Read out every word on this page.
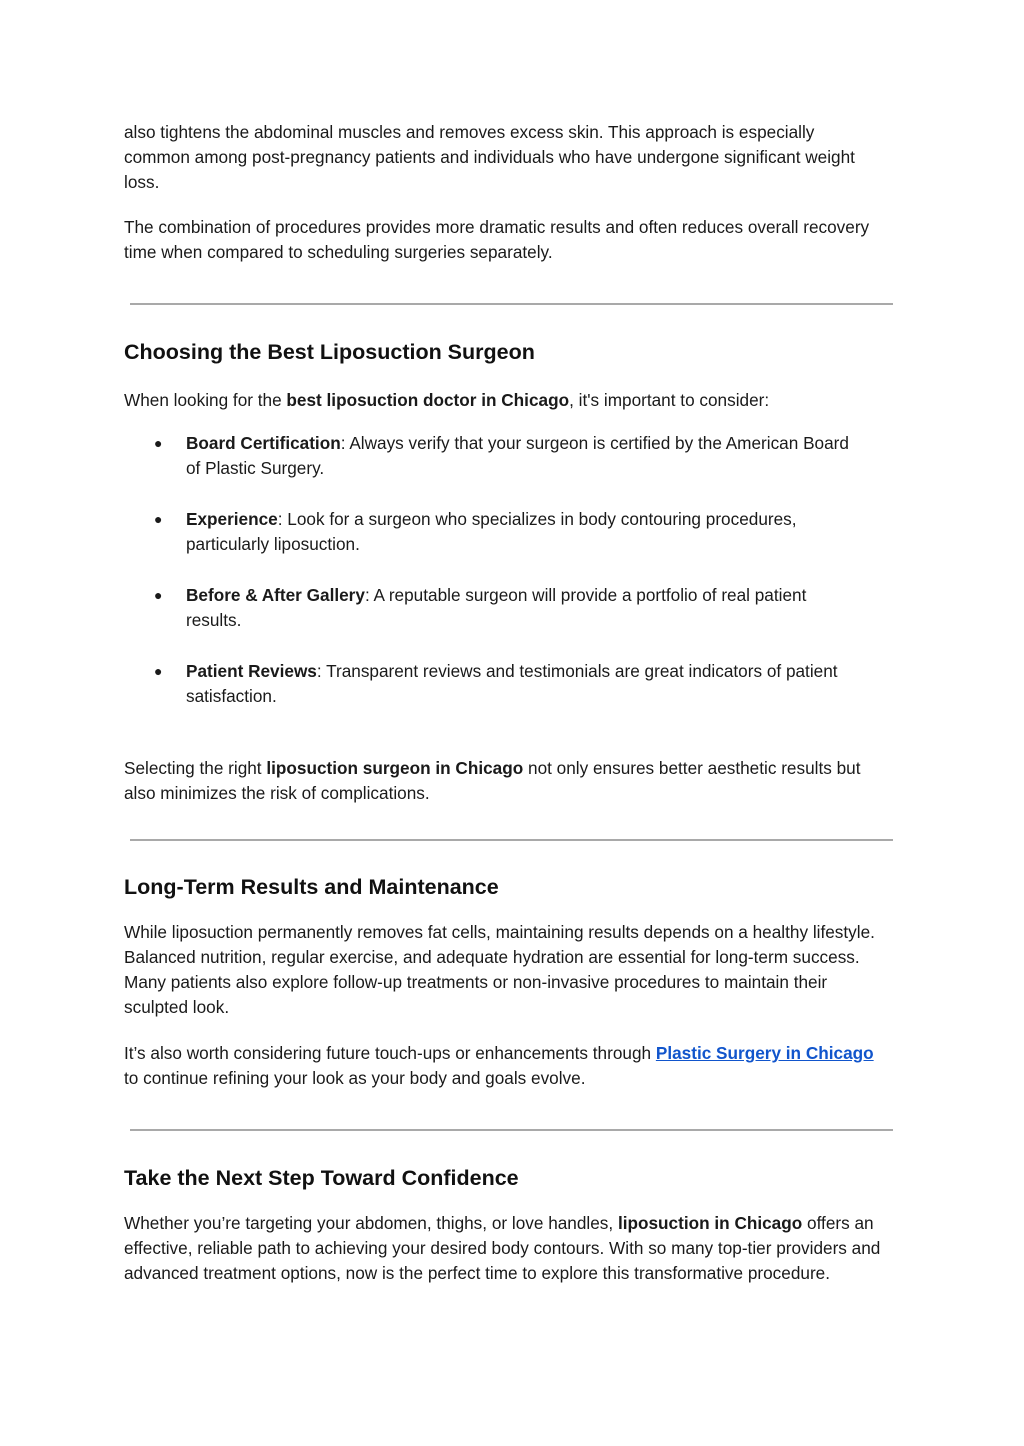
also tightens the abdominal muscles and removes excess skin. This approach is especially common among post-pregnancy patients and individuals who have undergone significant weight loss.

The combination of procedures provides more dramatic results and often reduces overall recovery time when compared to scheduling surgeries separately.

Choosing the Best Liposuction Surgeon

When looking for the best liposuction doctor in Chicago, it's important to consider:

● Board Certification: Always verify that your surgeon is certified by the American Board of Plastic Surgery.
● Experience: Look for a surgeon who specializes in body contouring procedures, particularly liposuction.
● Before & After Gallery: A reputable surgeon will provide a portfolio of real patient results.
● Patient Reviews: Transparent reviews and testimonials are great indicators of patient satisfaction.

Selecting the right liposuction surgeon in Chicago not only ensures better aesthetic results but also minimizes the risk of complications.

Long-Term Results and Maintenance

While liposuction permanently removes fat cells, maintaining results depends on a healthy lifestyle. Balanced nutrition, regular exercise, and adequate hydration are essential for long-term success. Many patients also explore follow-up treatments or non-invasive procedures to maintain their sculpted look.

It’s also worth considering future touch-ups or enhancements through Plastic Surgery in Chicago to continue refining your look as your body and goals evolve.

Take the Next Step Toward Confidence

Whether you’re targeting your abdomen, thighs, or love handles, liposuction in Chicago offers an effective, reliable path to achieving your desired body contours. With so many top-tier providers and advanced treatment options, now is the perfect time to explore this transformative procedure.
